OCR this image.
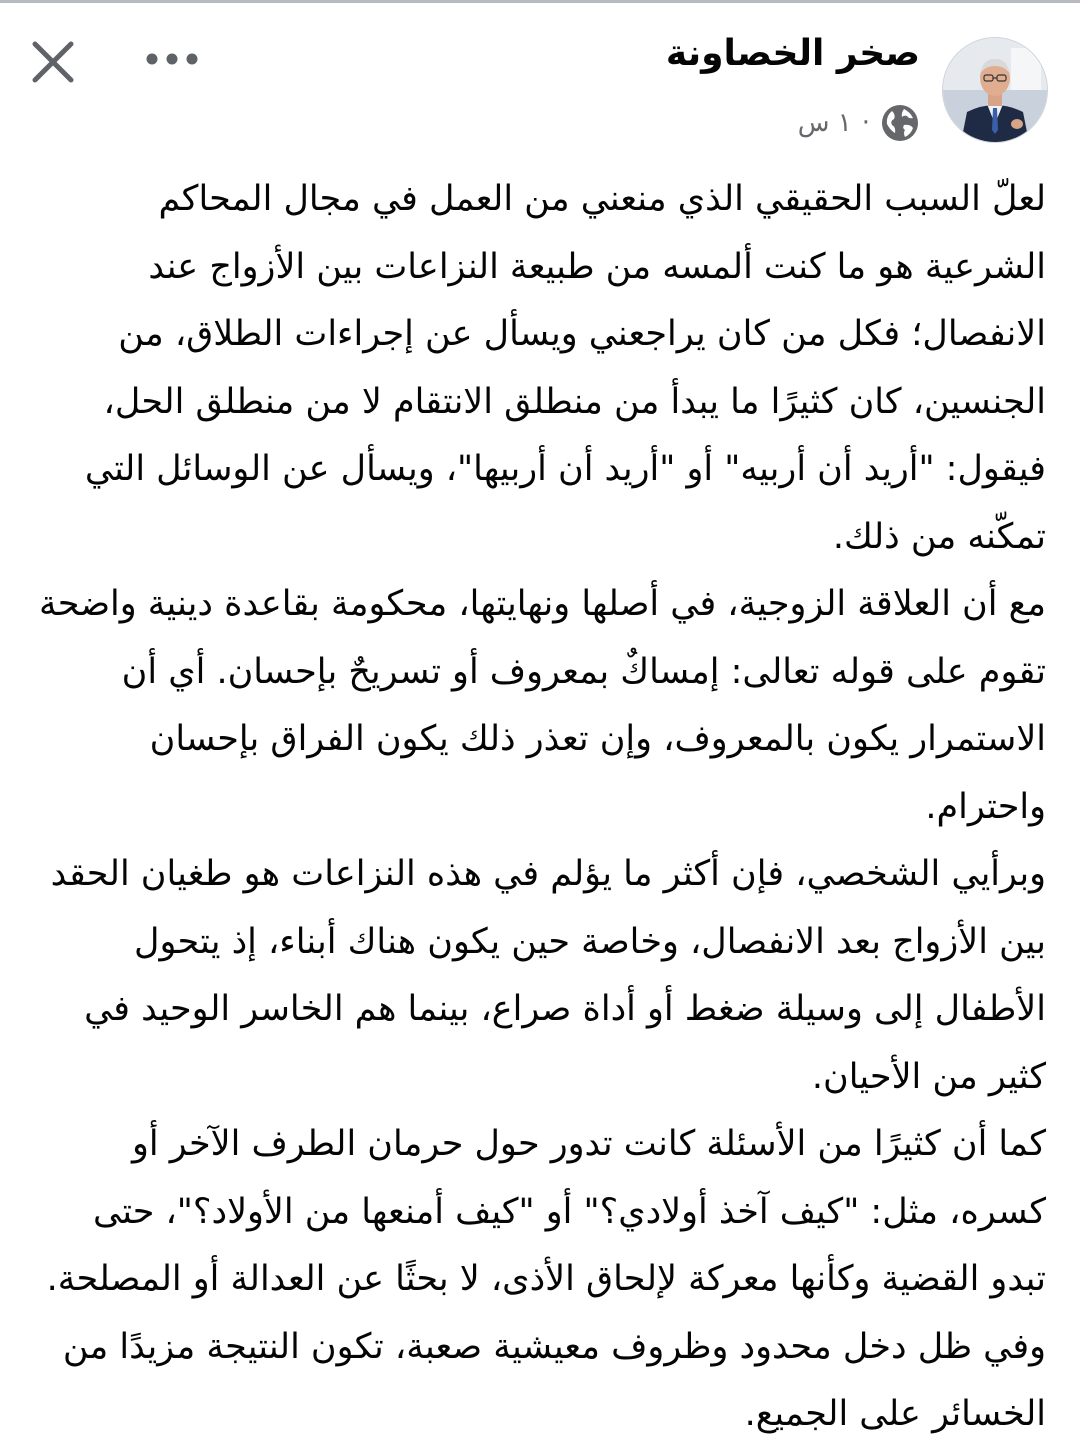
صخر الخصاونة
١ س ·

لعلّ السبب الحقيقي الذي منعني من العمل في مجال المحاكم الشرعية هو ما كنت ألمسه من طبيعة النزاعات بين الأزواج عند الانفصال؛ فكل من كان يراجعني ويسأل عن إجراءات الطلاق، من الجنسين، كان كثيرًا ما يبدأ من منطلق الانتقام لا من منطلق الحل، فيقول: "أريد أن أربيه" أو "أريد أن أربيها"، ويسأل عن الوسائل التي تمكّنه من ذلك.

مع أن العلاقة الزوجية، في أصلها ونهايتها، محكومة بقاعدة دينية واضحة تقوم على قوله تعالى: إمساكٌ بمعروف أو تسريحٌ بإحسان. أي أن الاستمرار يكون بالمعروف، وإن تعذر ذلك يكون الفراق بإحسان واحترام.

وبرأيي الشخصي، فإن أكثر ما يؤلم في هذه النزاعات هو طغيان الحقد بين الأزواج بعد الانفصال، وخاصة حين يكون هناك أبناء، إذ يتحول الأطفال إلى وسيلة ضغط أو أداة صراع، بينما هم الخاسر الوحيد في كثير من الأحيان.

كما أن كثيرًا من الأسئلة كانت تدور حول حرمان الطرف الآخر أو كسره، مثل: "كيف آخذ أولادي؟" أو "كيف أمنعها من الأولاد؟"، حتى تبدو القضية وكأنها معركة لإلحاق الأذى، لا بحثًا عن العدالة أو المصلحة. وفي ظل دخل محدود وظروف معيشية صعبة، تكون النتيجة مزيدًا من الخسائر على الجميع.
